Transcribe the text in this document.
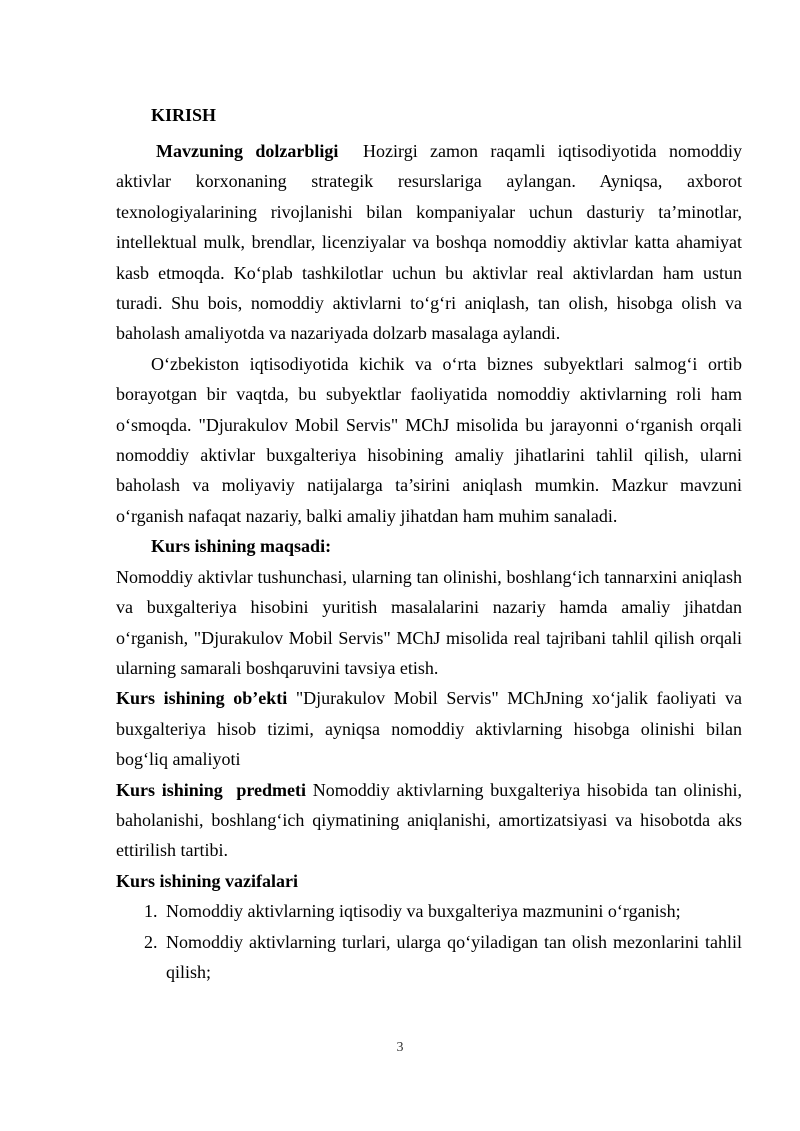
KIRISH

Mavzuning dolzarbligi Hozirgi zamon raqamli iqtisodiyotida nomoddiy aktivlar korxonaning strategik resurslariga aylangan. Ayniqsa, axborot texnologiyalarining rivojlanishi bilan kompaniyalar uchun dasturiy ta’minotlar, intellektual mulk, brendlar, licenziyalar va boshqa nomoddiy aktivlar katta ahamiyat kasb etmoqda. Ko‘plab tashkilotlar uchun bu aktivlar real aktivlardan ham ustun turadi. Shu bois, nomoddiy aktivlarni to‘g‘ri aniqlash, tan olish, hisobga olish va baholash amaliyotda va nazariyada dolzarb masalaga aylandi.

O‘zbekiston iqtisodiyotida kichik va o‘rta biznes subyektlari salmog‘i ortib borayotgan bir vaqtda, bu subyektlar faoliyatida nomoddiy aktivlarning roli ham o‘smoqda. "Djurakulov Mobil Servis" MChJ misolida bu jarayonni o‘rganish orqali nomoddiy aktivlar buxgalteriya hisobining amaliy jihatlarini tahlil qilish, ularni baholash va moliyaviy natijalarga ta’sirini aniqlash mumkin. Mazkur mavzuni o‘rganish nafaqat nazariy, balki amaliy jihatdan ham muhim sanaladi.

Kurs ishining maqsadi:

Nomoddiy aktivlar tushunchasi, ularning tan olinishi, boshlang‘ich tannarxini aniqlash va buxgalteriya hisobini yuritish masalalarini nazariy hamda amaliy jihatdan o‘rganish, "Djurakulov Mobil Servis" MChJ misolida real tajribani tahlil qilish orqali ularning samarali boshqaruvini tavsiya etish.

Kurs ishining ob’ekti "Djurakulov Mobil Servis" MChJning xo‘jalik faoliyati va buxgalteriya hisob tizimi, ayniqsa nomoddiy aktivlarning hisobga olinishi bilan bog‘liq amaliyoti

Kurs ishining  predmeti Nomoddiy aktivlarning buxgalteriya hisobida tan olinishi, baholanishi, boshlang‘ich qiymatining aniqlanishi, amortizatsiyasi va hisobotda aks ettirilish tartibi.

Kurs ishining vazifalari

1. Nomoddiy aktivlarning iqtisodiy va buxgalteriya mazmunini o‘rganish;
2. Nomoddiy aktivlarning turlari, ularga qo‘yiladigan tan olish mezonlarini tahlil qilish;
3
